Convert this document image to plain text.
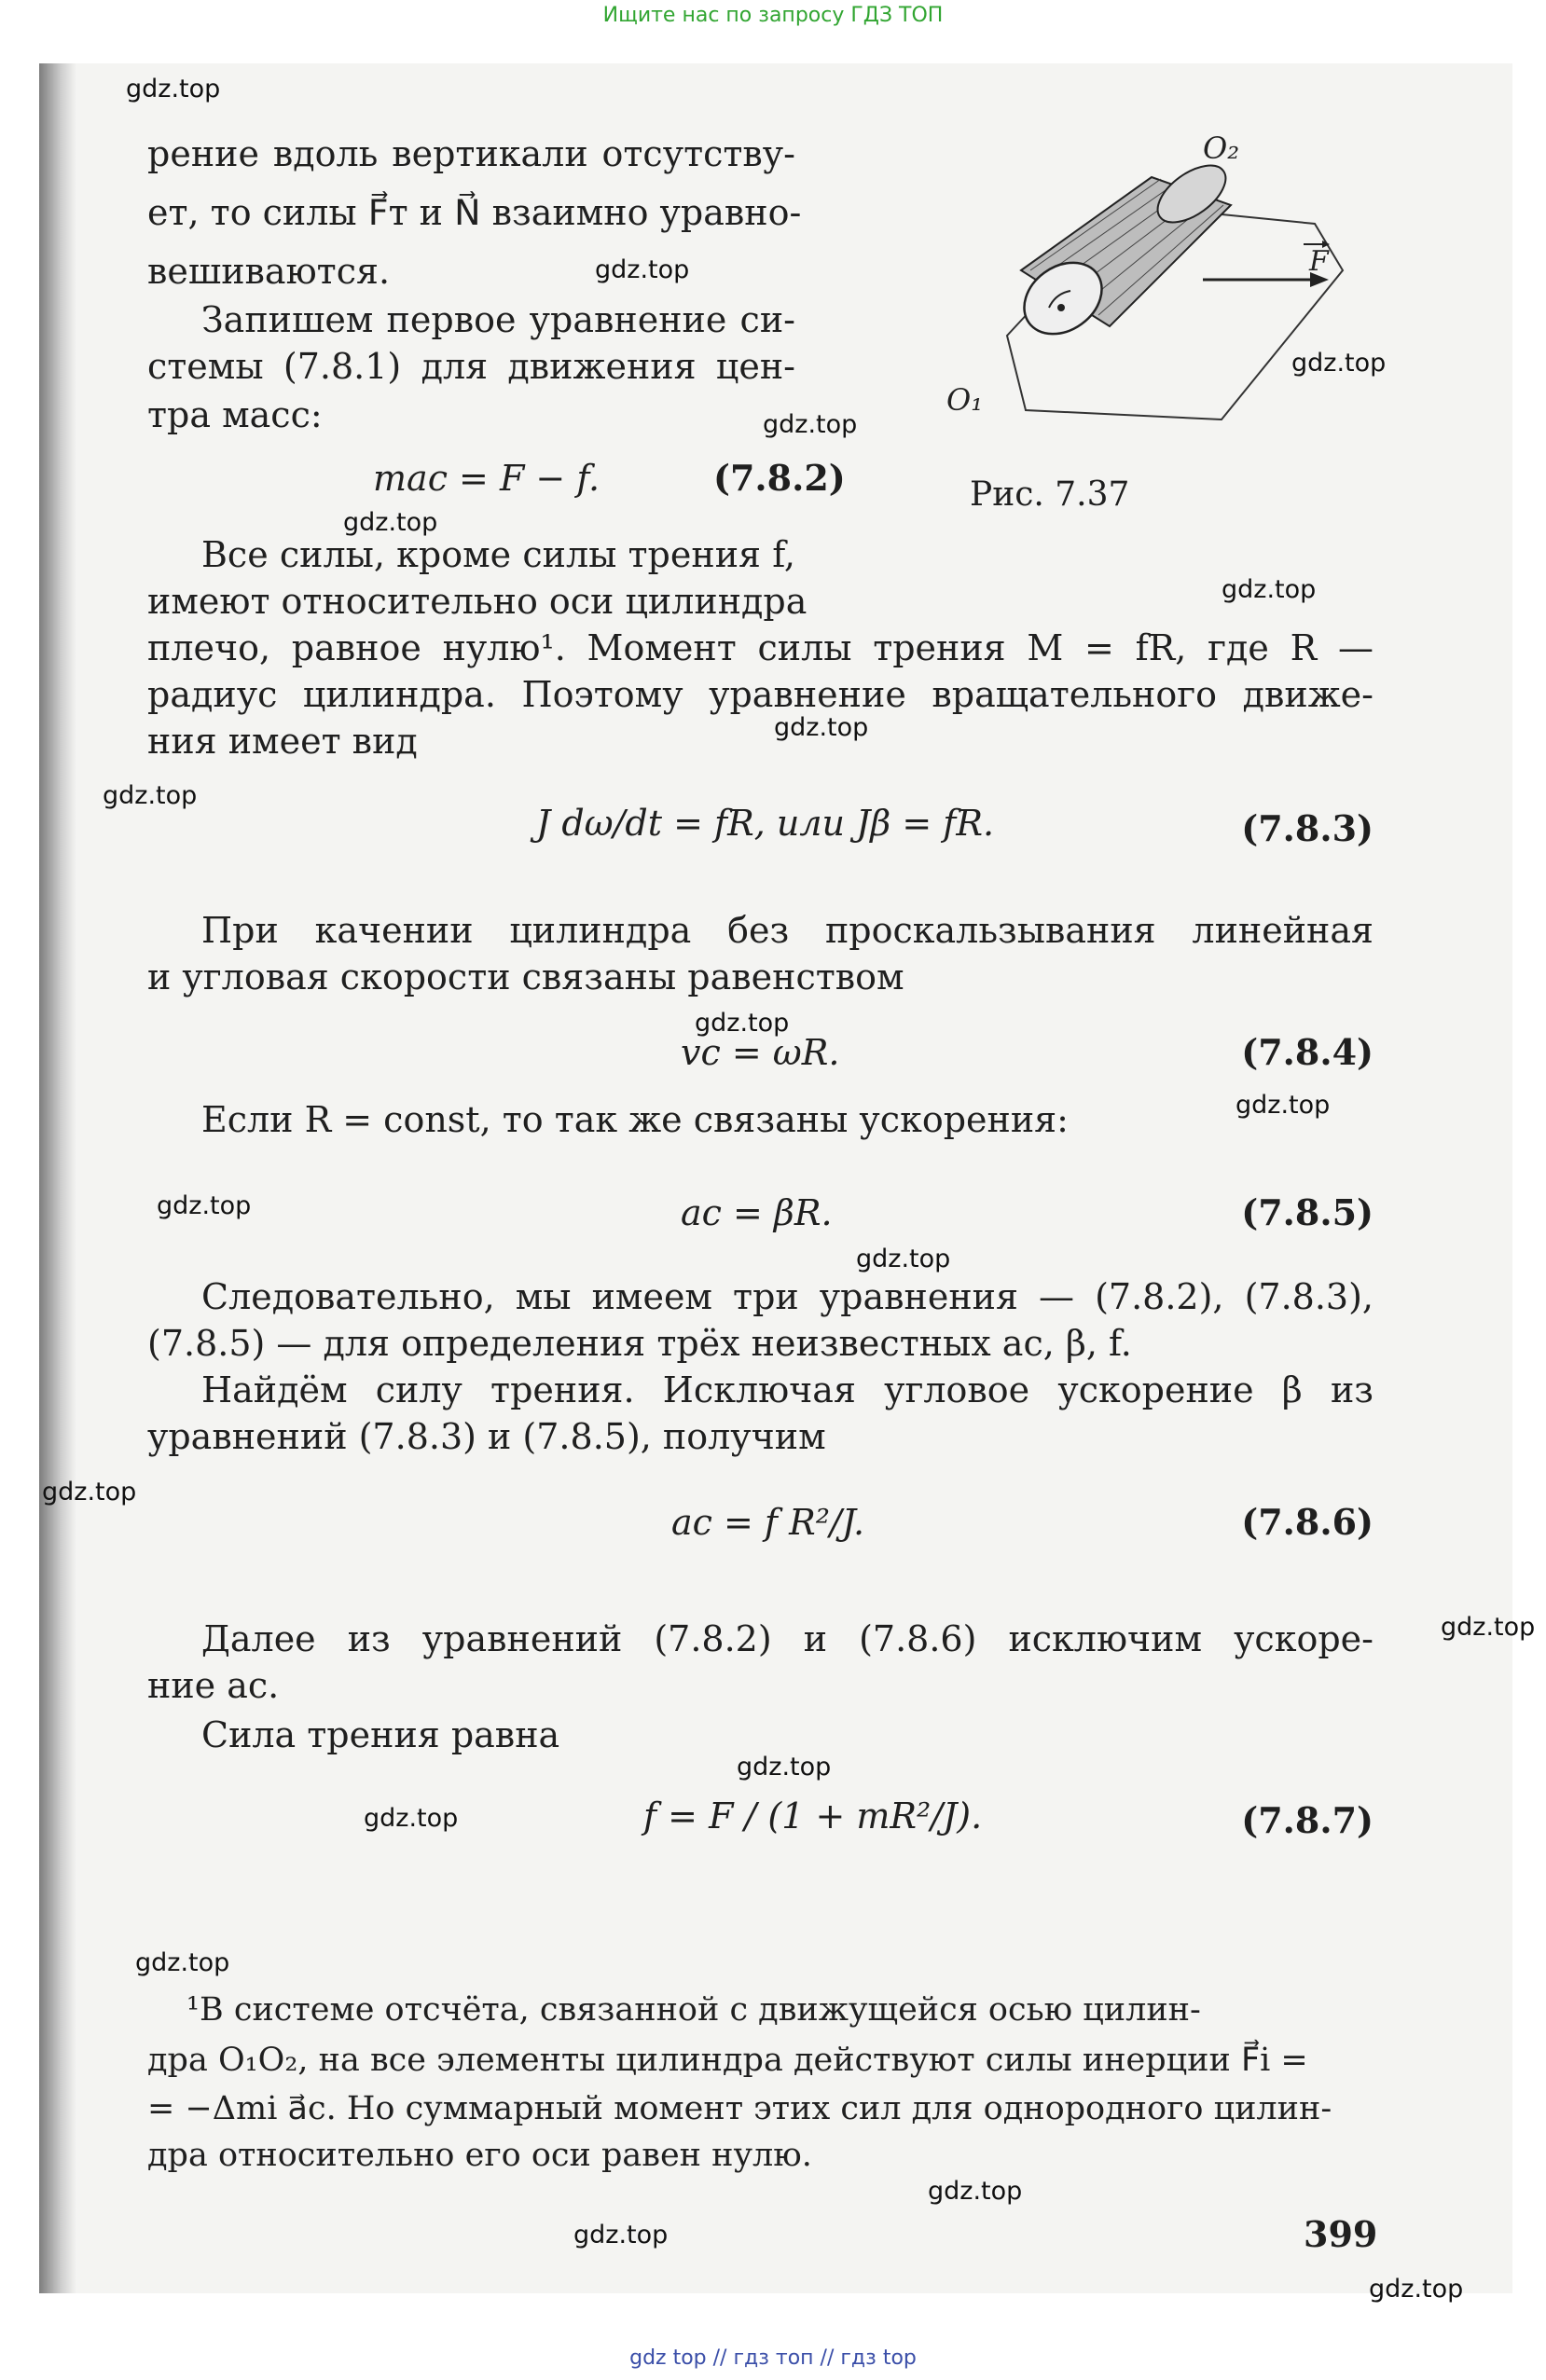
Ищите нас по запросу ГДЗ ТОП
F
O₂
O₁
Рис. 7.37
рение вдоль вертикали отсутству-
ет, то силы F⃗т и N⃗ взаимно уравно-
вешиваются.
Запишем первое уравнение си-
стемы (7.8.1) для движения цен-
тра масс:
maс = F − f.	(7.8.2)
Все силы, кроме силы трения f,
имеют относительно оси цилиндра
плечо, равное нулю¹. Момент силы трения M = fR, где R —
радиус цилиндра. Поэтому уравнение вращательного движе-
ния имеет вид
J dω/dt = fR, или Jβ = fR.	(7.8.3)
При качении цилиндра без проскальзывания линейная
и угловая скорости связаны равенством
vс = ωR.	(7.8.4)
Если R = const, то так же связаны ускорения:
aс = βR.	(7.8.5)
Следовательно, мы имеем три уравнения — (7.8.2), (7.8.3),
(7.8.5) — для определения трёх неизвестных aс, β, f.
Найдём силу трения. Исключая угловое ускорение β из
уравнений (7.8.3) и (7.8.5), получим
aс = f R²/J.	(7.8.6)
Далее из уравнений (7.8.2) и (7.8.6) исключим ускоре-
ние aс.
Сила трения равна
f = F / (1 + mR²/J).	(7.8.7)
¹В системе отсчёта, связанной с движущейся осью цилин-
дра O₁O₂, на все элементы цилиндра действуют силы инерции F⃗i =
= −Δmi a⃗с. Но суммарный момент этих сил для однородного цилин-
дра относительно его оси равен нулю.
399
gdz.top
gdz.top
gdz.top
gdz.top
gdz.top
gdz.top
gdz.top
gdz.top
gdz.top
gdz.top
gdz.top
gdz.top
gdz.top
gdz.top
gdz.top
gdz.top
gdz.top
gdz.top
gdz.top
gdz.top
gdz top // гдз топ // гдз top
